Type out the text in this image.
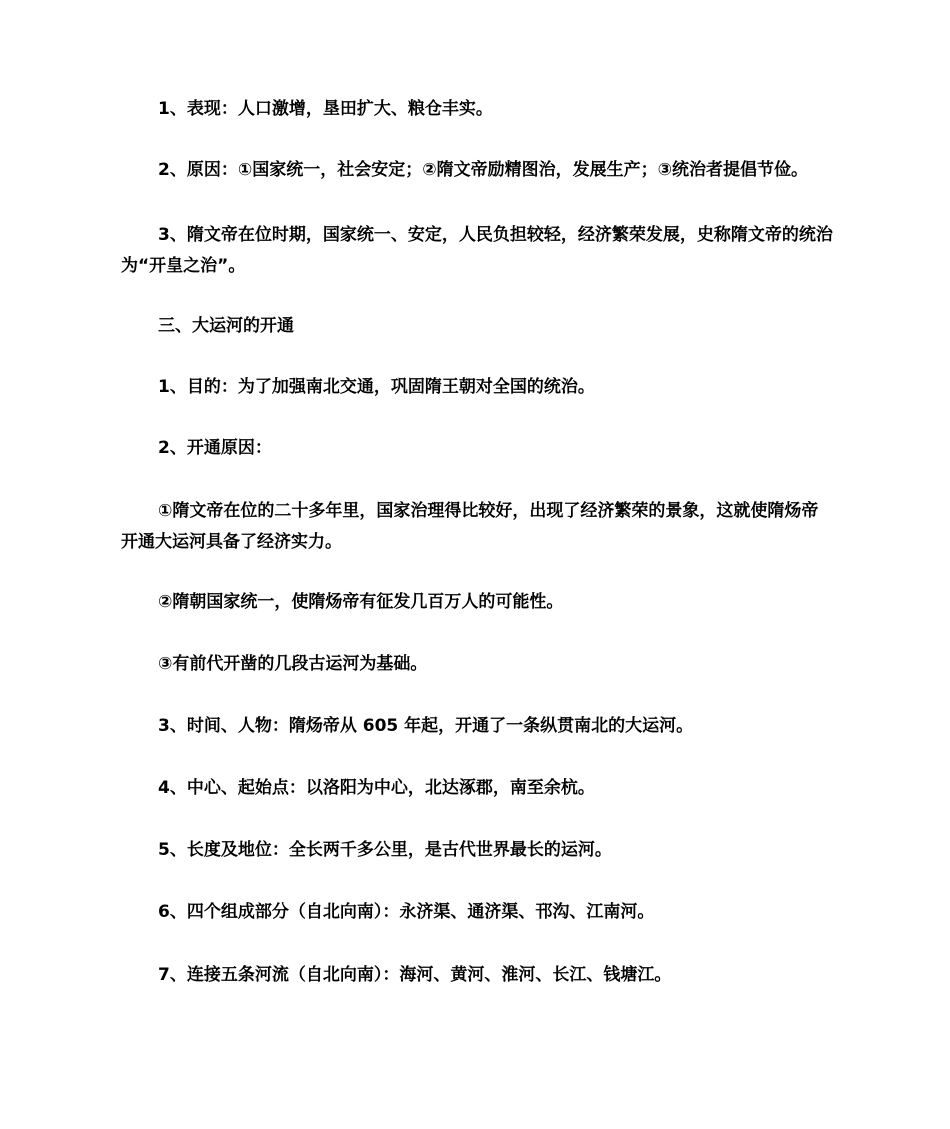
1、表现：人口激增，垦田扩大、粮仓丰实。

2、原因：①国家统一，社会安定；②隋文帝励精图治，发展生产；③统治者提倡节俭。

3、隋文帝在位时期，国家统一、安定，人民负担较轻，经济繁荣发展，史称隋文帝的统治为“开皇之治”。

三、大运河的开通

1、目的：为了加强南北交通，巩固隋王朝对全国的统治。

2、开通原因：

①隋文帝在位的二十多年里，国家治理得比较好，出现了经济繁荣的景象，这就使隋炀帝开通大运河具备了经济实力。

②隋朝国家统一，使隋炀帝有征发几百万人的可能性。

③有前代开凿的几段古运河为基础。

3、时间、人物：隋炀帝从 605 年起，开通了一条纵贯南北的大运河。

4、中心、起始点：以洛阳为中心，北达涿郡，南至余杭。

5、长度及地位：全长两千多公里，是古代世界最长的运河。

6、四个组成部分（自北向南）：永济渠、通济渠、邗沟、江南河。

7、连接五条河流（自北向南）：海河、黄河、淮河、长江、钱塘江。
